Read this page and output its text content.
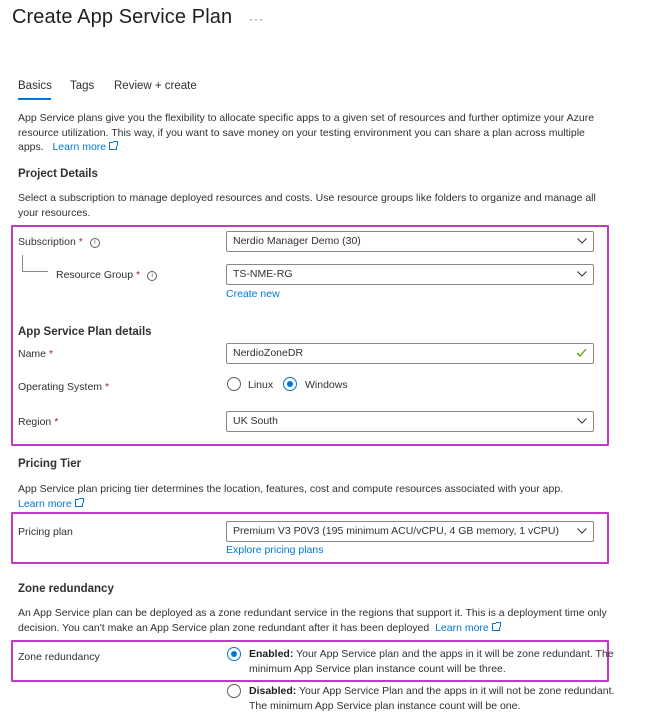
Create App Service Plan ···
Basics Tags Review + create
App Service plans give you the flexibility to allocate specific apps to a given set of resources and further optimize your Azure resource utilization. This way, if you want to save money on your testing environment you can share a plan across multiple apps. Learn more
Project Details
Select a subscription to manage deployed resources and costs. Use resource groups like folders to organize and manage all your resources.
Subscription * i	Nerdio Manager Demo (30)
Resource Group * i	TS-NME-RG
Create new
App Service Plan details
Name *	NerdioZoneDR
Operating System *	Linux	Windows
Region *	UK South
Pricing Tier
App Service plan pricing tier determines the location, features, cost and compute resources associated with your app.
Learn more
Pricing plan	Premium V3 P0V3 (195 minimum ACU/vCPU, 4 GB memory, 1 vCPU)
Explore pricing plans
Zone redundancy
An App Service plan can be deployed as a zone redundant service in the regions that support it. This is a deployment time only decision. You can't make an App Service plan zone redundant after it has been deployed Learn more
Zone redundancy	Enabled: Your App Service plan and the apps in it will be zone redundant. The minimum App Service plan instance count will be three.
Disabled: Your App Service Plan and the apps in it will not be zone redundant. The minimum App Service plan instance count will be one.
